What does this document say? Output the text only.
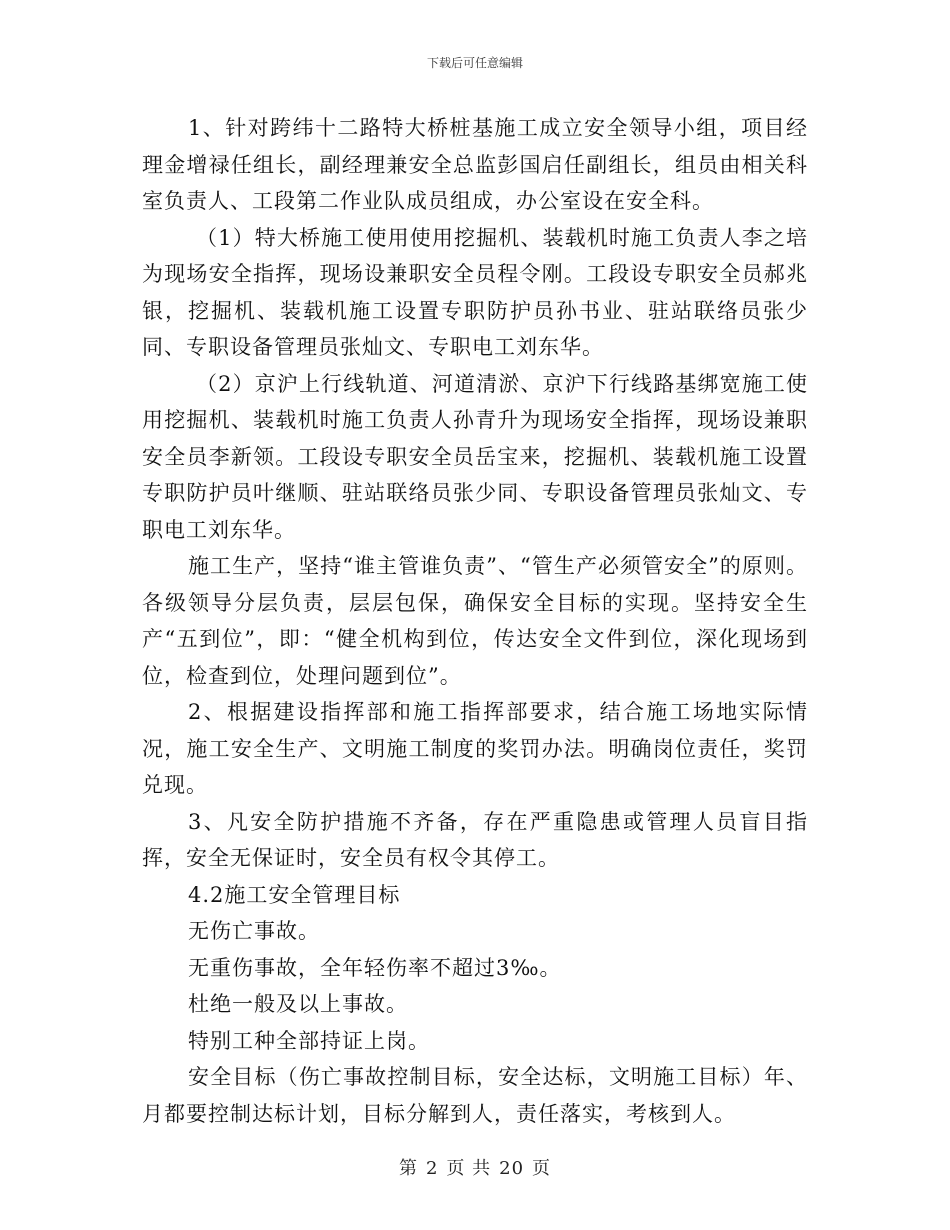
下载后可任意编辑

1、针对跨纬十二路特大桥桩基施工成立安全领导小组，项目经理金增禄任组长，副经理兼安全总监彭国启任副组长，组员由相关科室负责人、工段第二作业队成员组成，办公室设在安全科。

（1）特大桥施工使用使用挖掘机、装载机时施工负责人李之培为现场安全指挥，现场设兼职安全员程令刚。工段设专职安全员郝兆银，挖掘机、装载机施工设置专职防护员孙书业、驻站联络员张少同、专职设备管理员张灿文、专职电工刘东华。

（2）京沪上行线轨道、河道清淤、京沪下行线路基绑宽施工使用挖掘机、装载机时施工负责人孙青升为现场安全指挥，现场设兼职安全员李新领。工段设专职安全员岳宝来，挖掘机、装载机施工设置专职防护员叶继顺、驻站联络员张少同、专职设备管理员张灿文、专职电工刘东华。

施工生产，坚持“谁主管谁负责”、“管生产必须管安全”的原则。各级领导分层负责，层层包保，确保安全目标的实现。坚持安全生产“五到位”，即：“健全机构到位，传达安全文件到位，深化现场到位，检查到位，处理问题到位”。

2、根据建设指挥部和施工指挥部要求，结合施工场地实际情况，施工安全生产、文明施工制度的奖罚办法。明确岗位责任，奖罚兑现。

3、凡安全防护措施不齐备，存在严重隐患或管理人员盲目指挥，安全无保证时，安全员有权令其停工。

4.2施工安全管理目标

无伤亡事故。

无重伤事故，全年轻伤率不超过3‰。

杜绝一般及以上事故。

特别工种全部持证上岗。

安全目标（伤亡事故控制目标，安全达标，文明施工目标）年、月都要控制达标计划，目标分解到人，责任落实，考核到人。

第 2 页 共 20 页
